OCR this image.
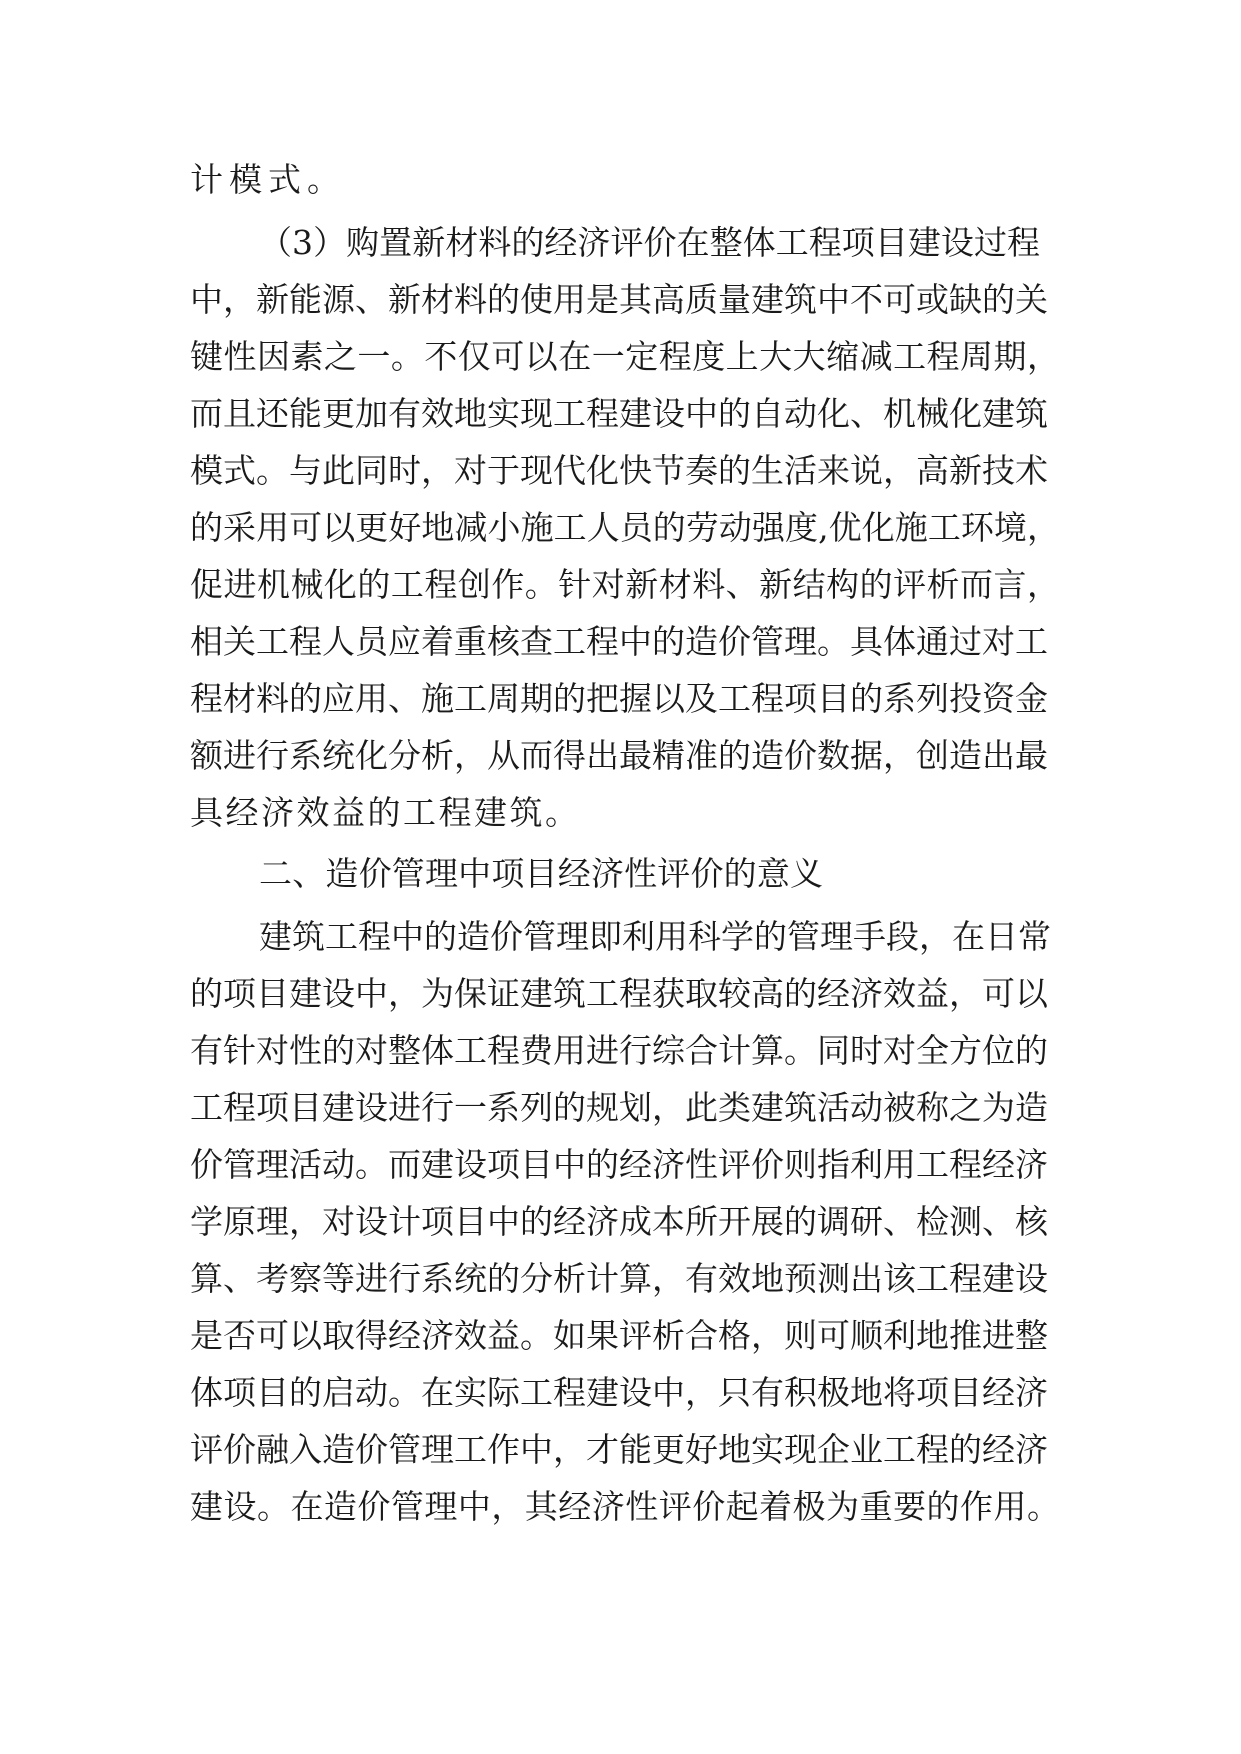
计模式。
（3）购置新材料的经济评价在整体工程项目建设过程
中，新能源、新材料的使用是其高质量建筑中不可或缺的关
键性因素之一。不仅可以在一定程度上大大缩减工程周期，
而且还能更加有效地实现工程建设中的自动化、机械化建筑
模式。与此同时，对于现代化快节奏的生活来说，高新技术
的采用可以更好地减小施工人员的劳动强度,优化施工环境，
促进机械化的工程创作。针对新材料、新结构的评析而言，
相关工程人员应着重核查工程中的造价管理。具体通过对工
程材料的应用、施工周期的把握以及工程项目的系列投资金
额进行系统化分析，从而得出最精准的造价数据，创造出最
具经济效益的工程建筑。
二、造价管理中项目经济性评价的意义
建筑工程中的造价管理即利用科学的管理手段，在日常
的项目建设中，为保证建筑工程获取较高的经济效益，可以
有针对性的对整体工程费用进行综合计算。同时对全方位的
工程项目建设进行一系列的规划，此类建筑活动被称之为造
价管理活动。而建设项目中的经济性评价则指利用工程经济
学原理，对设计项目中的经济成本所开展的调研、检测、核
算、考察等进行系统的分析计算，有效地预测出该工程建设
是否可以取得经济效益。如果评析合格，则可顺利地推进整
体项目的启动。在实际工程建设中，只有积极地将项目经济
评价融入造价管理工作中，才能更好地实现企业工程的经济
建设。在造价管理中，其经济性评价起着极为重要的作用。
